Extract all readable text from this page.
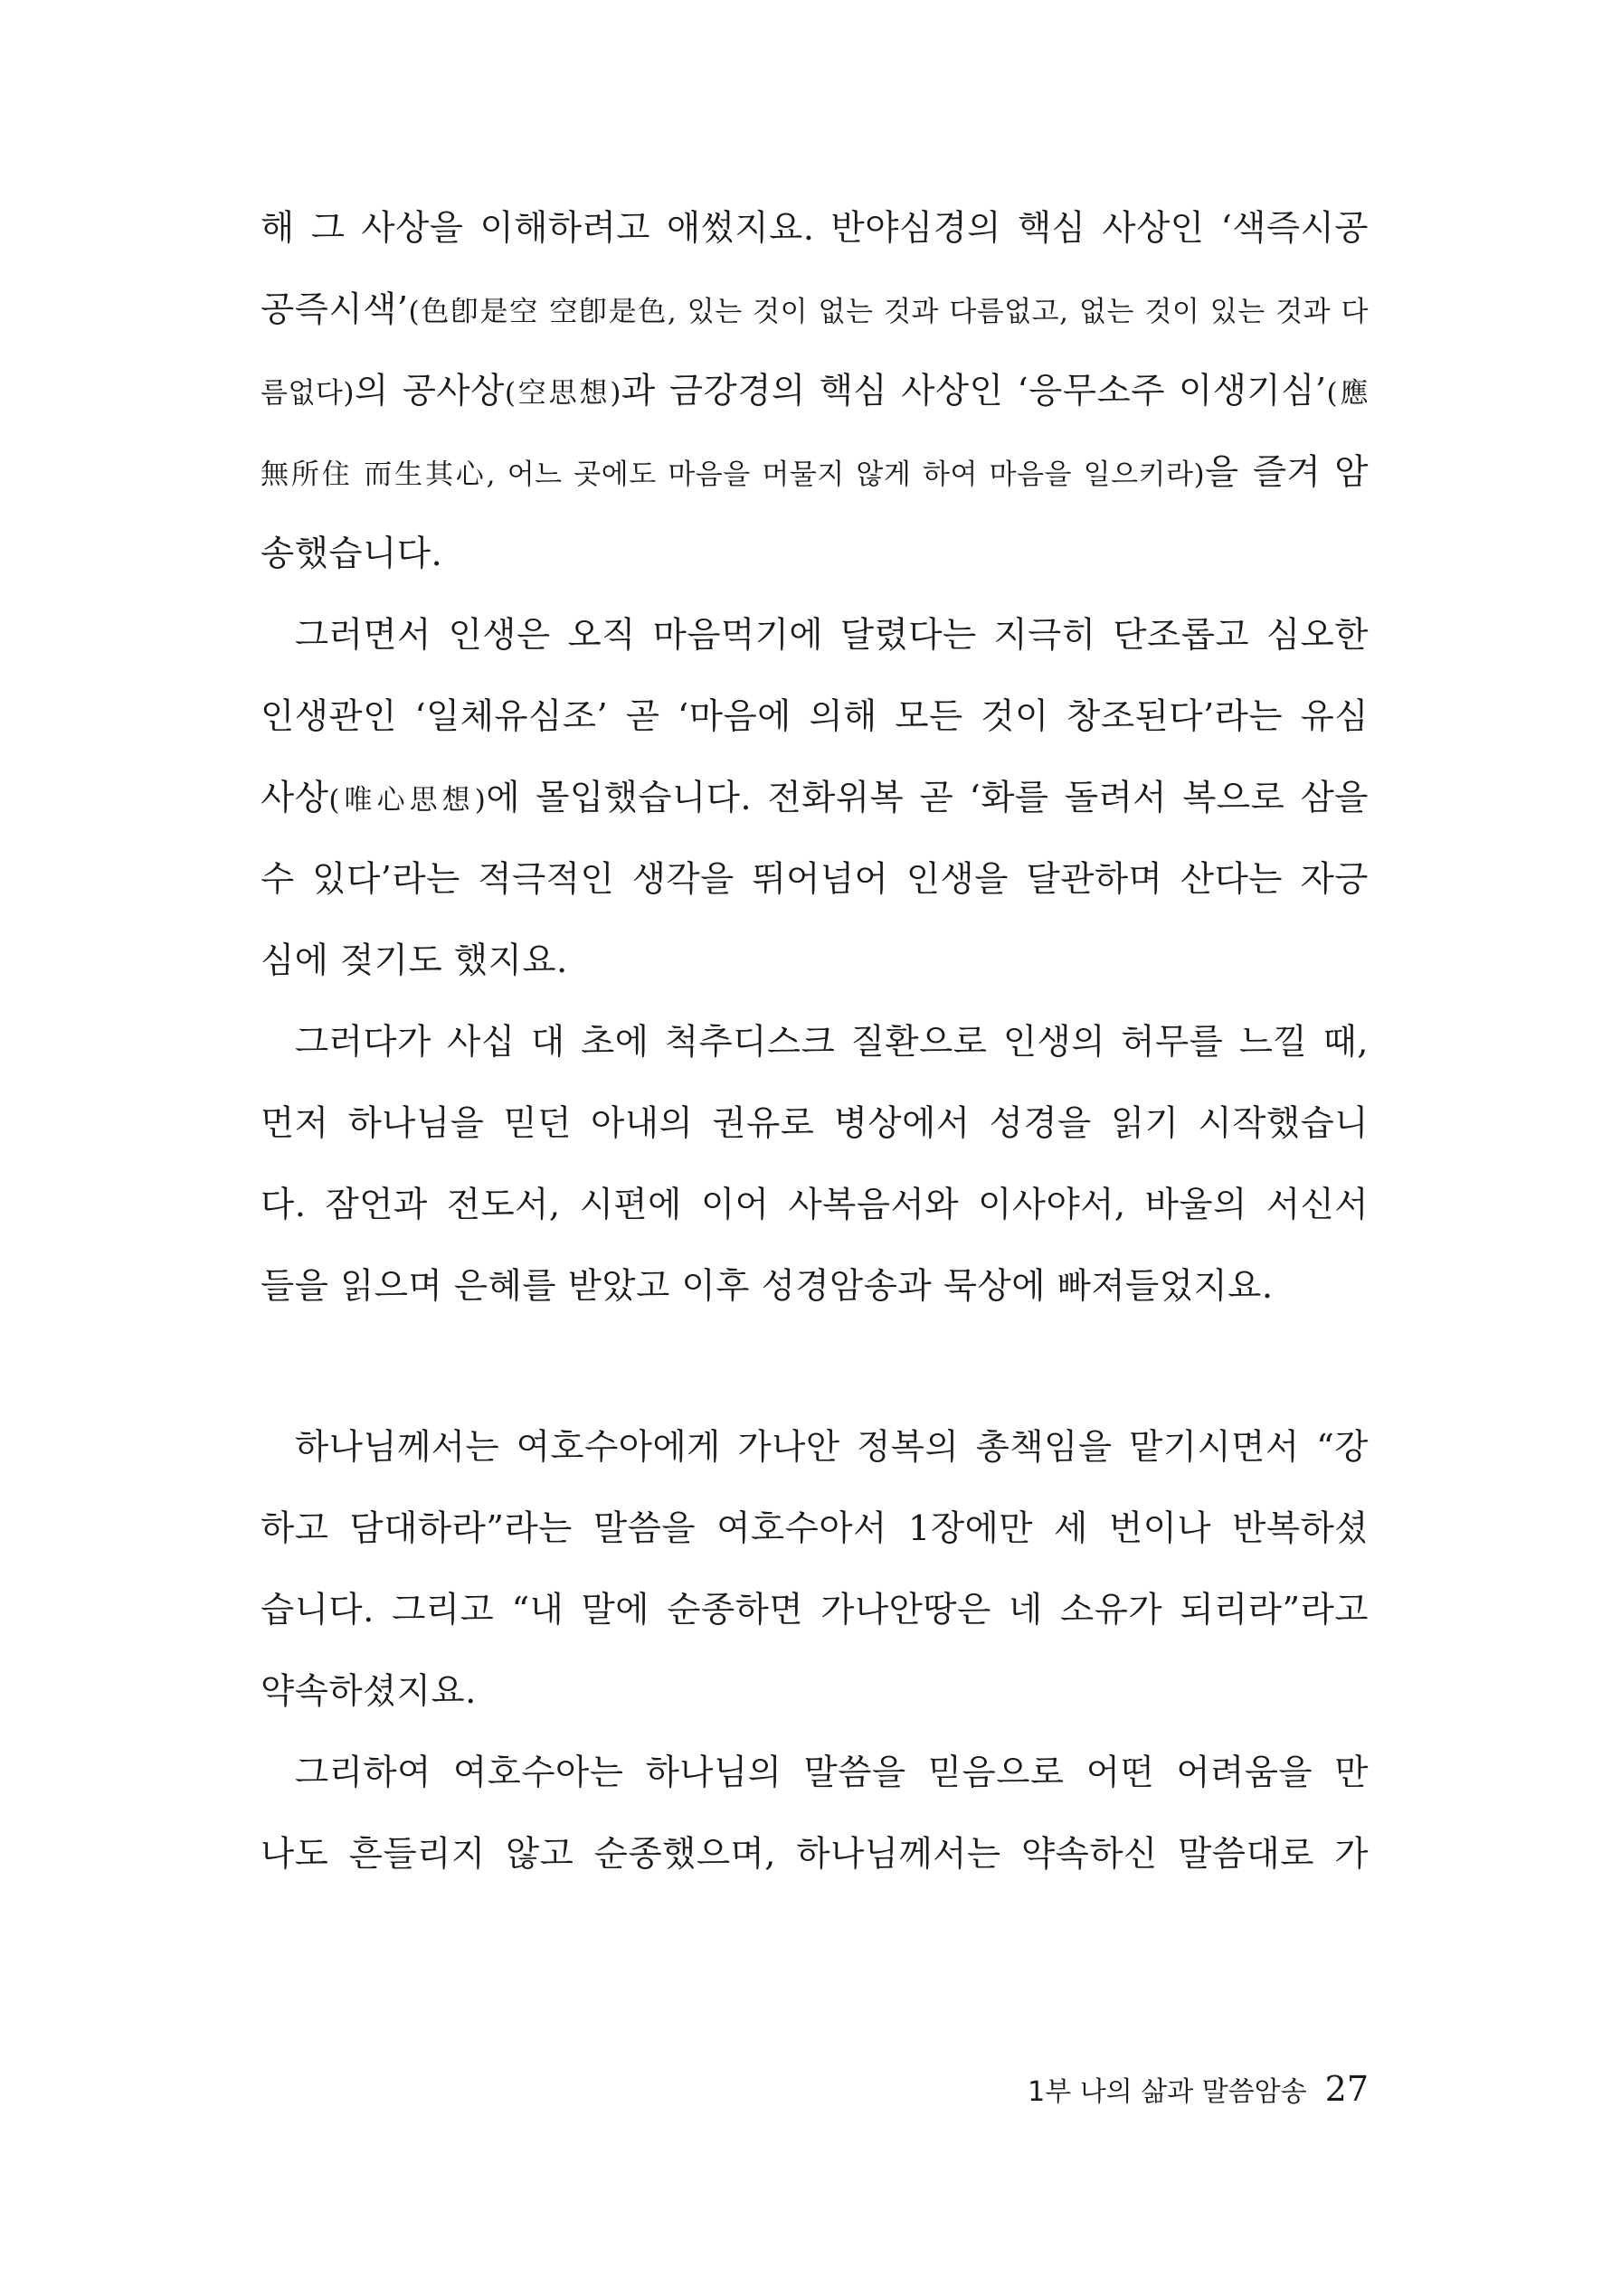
해 그 사상을 이해하려고 애썼지요. 반야심경의 핵심 사상인 ‘색즉시공
공즉시색’(色卽是空 空卽是色, 있는 것이 없는 것과 다름없고, 없는 것이 있는 것과 다
름없다)의 공사상(空思想)과 금강경의 핵심 사상인 ‘응무소주 이생기심’(應
無所住 而生其心, 어느 곳에도 마음을 머물지 않게 하여 마음을 일으키라)을 즐겨 암
송했습니다.
그러면서 인생은 오직 마음먹기에 달렸다는 지극히 단조롭고 심오한
인생관인 ‘일체유심조’ 곧 ‘마음에 의해 모든 것이 창조된다’라는 유심
사상(唯心思想)에 몰입했습니다. 전화위복 곧 ‘화를 돌려서 복으로 삼을
수 있다’라는 적극적인 생각을 뛰어넘어 인생을 달관하며 산다는 자긍
심에 젖기도 했지요.
그러다가 사십 대 초에 척추디스크 질환으로 인생의 허무를 느낄 때,
먼저 하나님을 믿던 아내의 권유로 병상에서 성경을 읽기 시작했습니
다. 잠언과 전도서, 시편에 이어 사복음서와 이사야서, 바울의 서신서
들을 읽으며 은혜를 받았고 이후 성경암송과 묵상에 빠져들었지요.
하나님께서는 여호수아에게 가나안 정복의 총책임을 맡기시면서 “강
하고 담대하라”라는 말씀을 여호수아서 1장에만 세 번이나 반복하셨
습니다. 그리고 “내 말에 순종하면 가나안땅은 네 소유가 되리라”라고
약속하셨지요.
그리하여 여호수아는 하나님의 말씀을 믿음으로 어떤 어려움을 만
나도 흔들리지 않고 순종했으며, 하나님께서는 약속하신 말씀대로 가
1부 나의 삶과 말씀암송 27
